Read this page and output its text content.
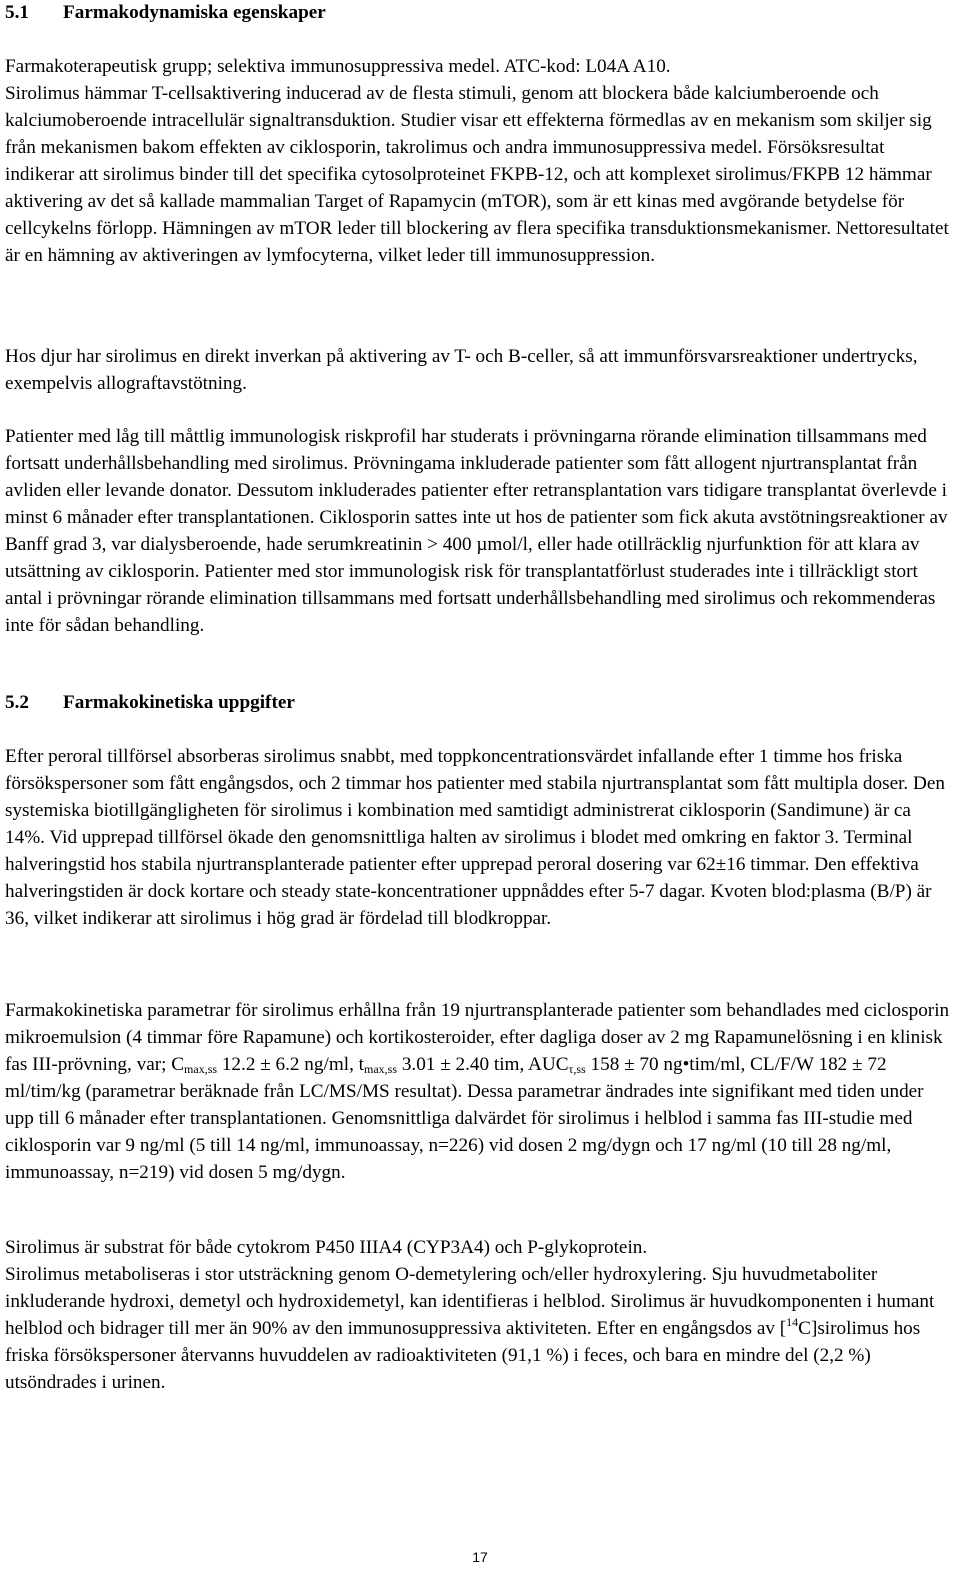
5.1 Farmakodynamiska egenskaper
Farmakoterapeutisk grupp; selektiva immunosuppressiva medel. ATC-kod: L04A A10.
Sirolimus hämmar T-cellsaktivering inducerad av de flesta stimuli, genom att blockera både kalciumberoende och kalciumoberoende intracellulär signaltransduktion. Studier visar ett effekterna förmedlas av en mekanism som skiljer sig från mekanismen bakom effekten av ciklosporin, takrolimus och andra immunosuppressiva medel. Försöksresultat indikerar att sirolimus binder till det specifika cytosolproteinet FKPB-12, och att komplexet sirolimus/FKPB 12 hämmar aktivering av det så kallade mammalian Target of Rapamycin (mTOR), som är ett kinas med avgörande betydelse för cellcykelns förlopp. Hämningen av mTOR leder till blockering av flera specifika transduktionsmekanismer. Nettoresultatet är en hämning av aktiveringen av lymfocyterna, vilket leder till immunosuppression.
Hos djur har sirolimus en direkt inverkan på aktivering av T- och B-celler, så att immunförsvarsreaktioner undertrycks, exempelvis allograftavstötning.
Patienter med låg till måttlig immunologisk riskprofil har studerats i prövningarna rörande elimination tillsammans med fortsatt underhållsbehandling med sirolimus. Prövningama inkluderade patienter som fått allogent njurtransplantat från avliden eller levande donator. Dessutom inkluderades patienter efter retransplantation vars tidigare transplantat överlevde i minst 6 månader efter transplantationen. Ciklosporin sattes inte ut hos de patienter som fick akuta avstötningsreaktioner av Banff grad 3, var dialysberoende, hade serumkreatinin > 400 µmol/l, eller hade otillräcklig njurfunktion för att klara av utsättning av ciklosporin. Patienter med stor immunologisk risk för transplantatförlust studerades inte i tillräckligt stort antal i prövningar rörande elimination tillsammans med fortsatt underhållsbehandling med sirolimus och rekommenderas inte för sådan behandling.
5.2 Farmakokinetiska uppgifter
Efter peroral tillförsel absorberas sirolimus snabbt, med toppkoncentrationsvärdet infallande efter 1 timme hos friska försökspersoner som fått engångsdos, och 2 timmar hos patienter med stabila njurtransplantat som fått multipla doser. Den systemiska biotillgängligheten för sirolimus i kombination med samtidigt administrerat ciklosporin (Sandimune) är ca 14%. Vid upprepad tillförsel ökade den genomsnittliga halten av sirolimus i blodet med omkring en faktor 3. Terminal halveringstid hos stabila njurtransplanterade patienter efter upprepad peroral dosering var 62±16 timmar. Den effektiva halveringstiden är dock kortare och steady state-koncentrationer uppnåddes efter 5-7 dagar. Kvoten blod:plasma (B/P) är 36, vilket indikerar att sirolimus i hög grad är fördelad till blodkroppar.
Farmakokinetiska parametrar för sirolimus erhållna från 19 njurtransplanterade patienter som behandlades med ciclosporin mikroemulsion (4 timmar före Rapamune) och kortikosteroider, efter dagliga doser av 2 mg Rapamunelösning i en klinisk fas III-prövning, var; $C_{max,ss}$ 12.2 ± 6.2 ng/ml, $t_{max,ss}$ 3.01 ± 2.40 tim, $AUC_{\tau,ss}$ 158 ± 70 ng•tim/ml, CL/F/W 182 ± 72 ml/tim/kg (parametrar beräknade från LC/MS/MS resultat). Dessa parametrar ändrades inte signifikant med tiden under upp till 6 månader efter transplantationen. Genomsnittliga dalvärdet för sirolimus i helblod i samma fas III-studie med ciklosporin var 9 ng/ml (5 till 14 ng/ml, immunoassay, n=226) vid dosen 2 mg/dygn och 17 ng/ml (10 till 28 ng/ml, immunoassay, n=219) vid dosen 5 mg/dygn.
Sirolimus är substrat för både cytokrom P450 IIIA4 (CYP3A4) och P-glykoprotein.
Sirolimus metaboliseras i stor utsträckning genom O-demetylering och/eller hydroxylering. Sju huvudmetaboliter inkluderande hydroxi, demetyl och hydroxidemetyl, kan identifieras i helblod. Sirolimus är huvudkomponenten i humant helblod och bidrager till mer än 90% av den immunosuppressiva aktiviteten. Efter en engångsdos av [$^{14}$C]sirolimus hos friska försökspersoner återvanns huvuddelen av radioaktiviteten (91,1 %) i feces, och bara en mindre del (2,2 %) utsöndrades i urinen.
17
